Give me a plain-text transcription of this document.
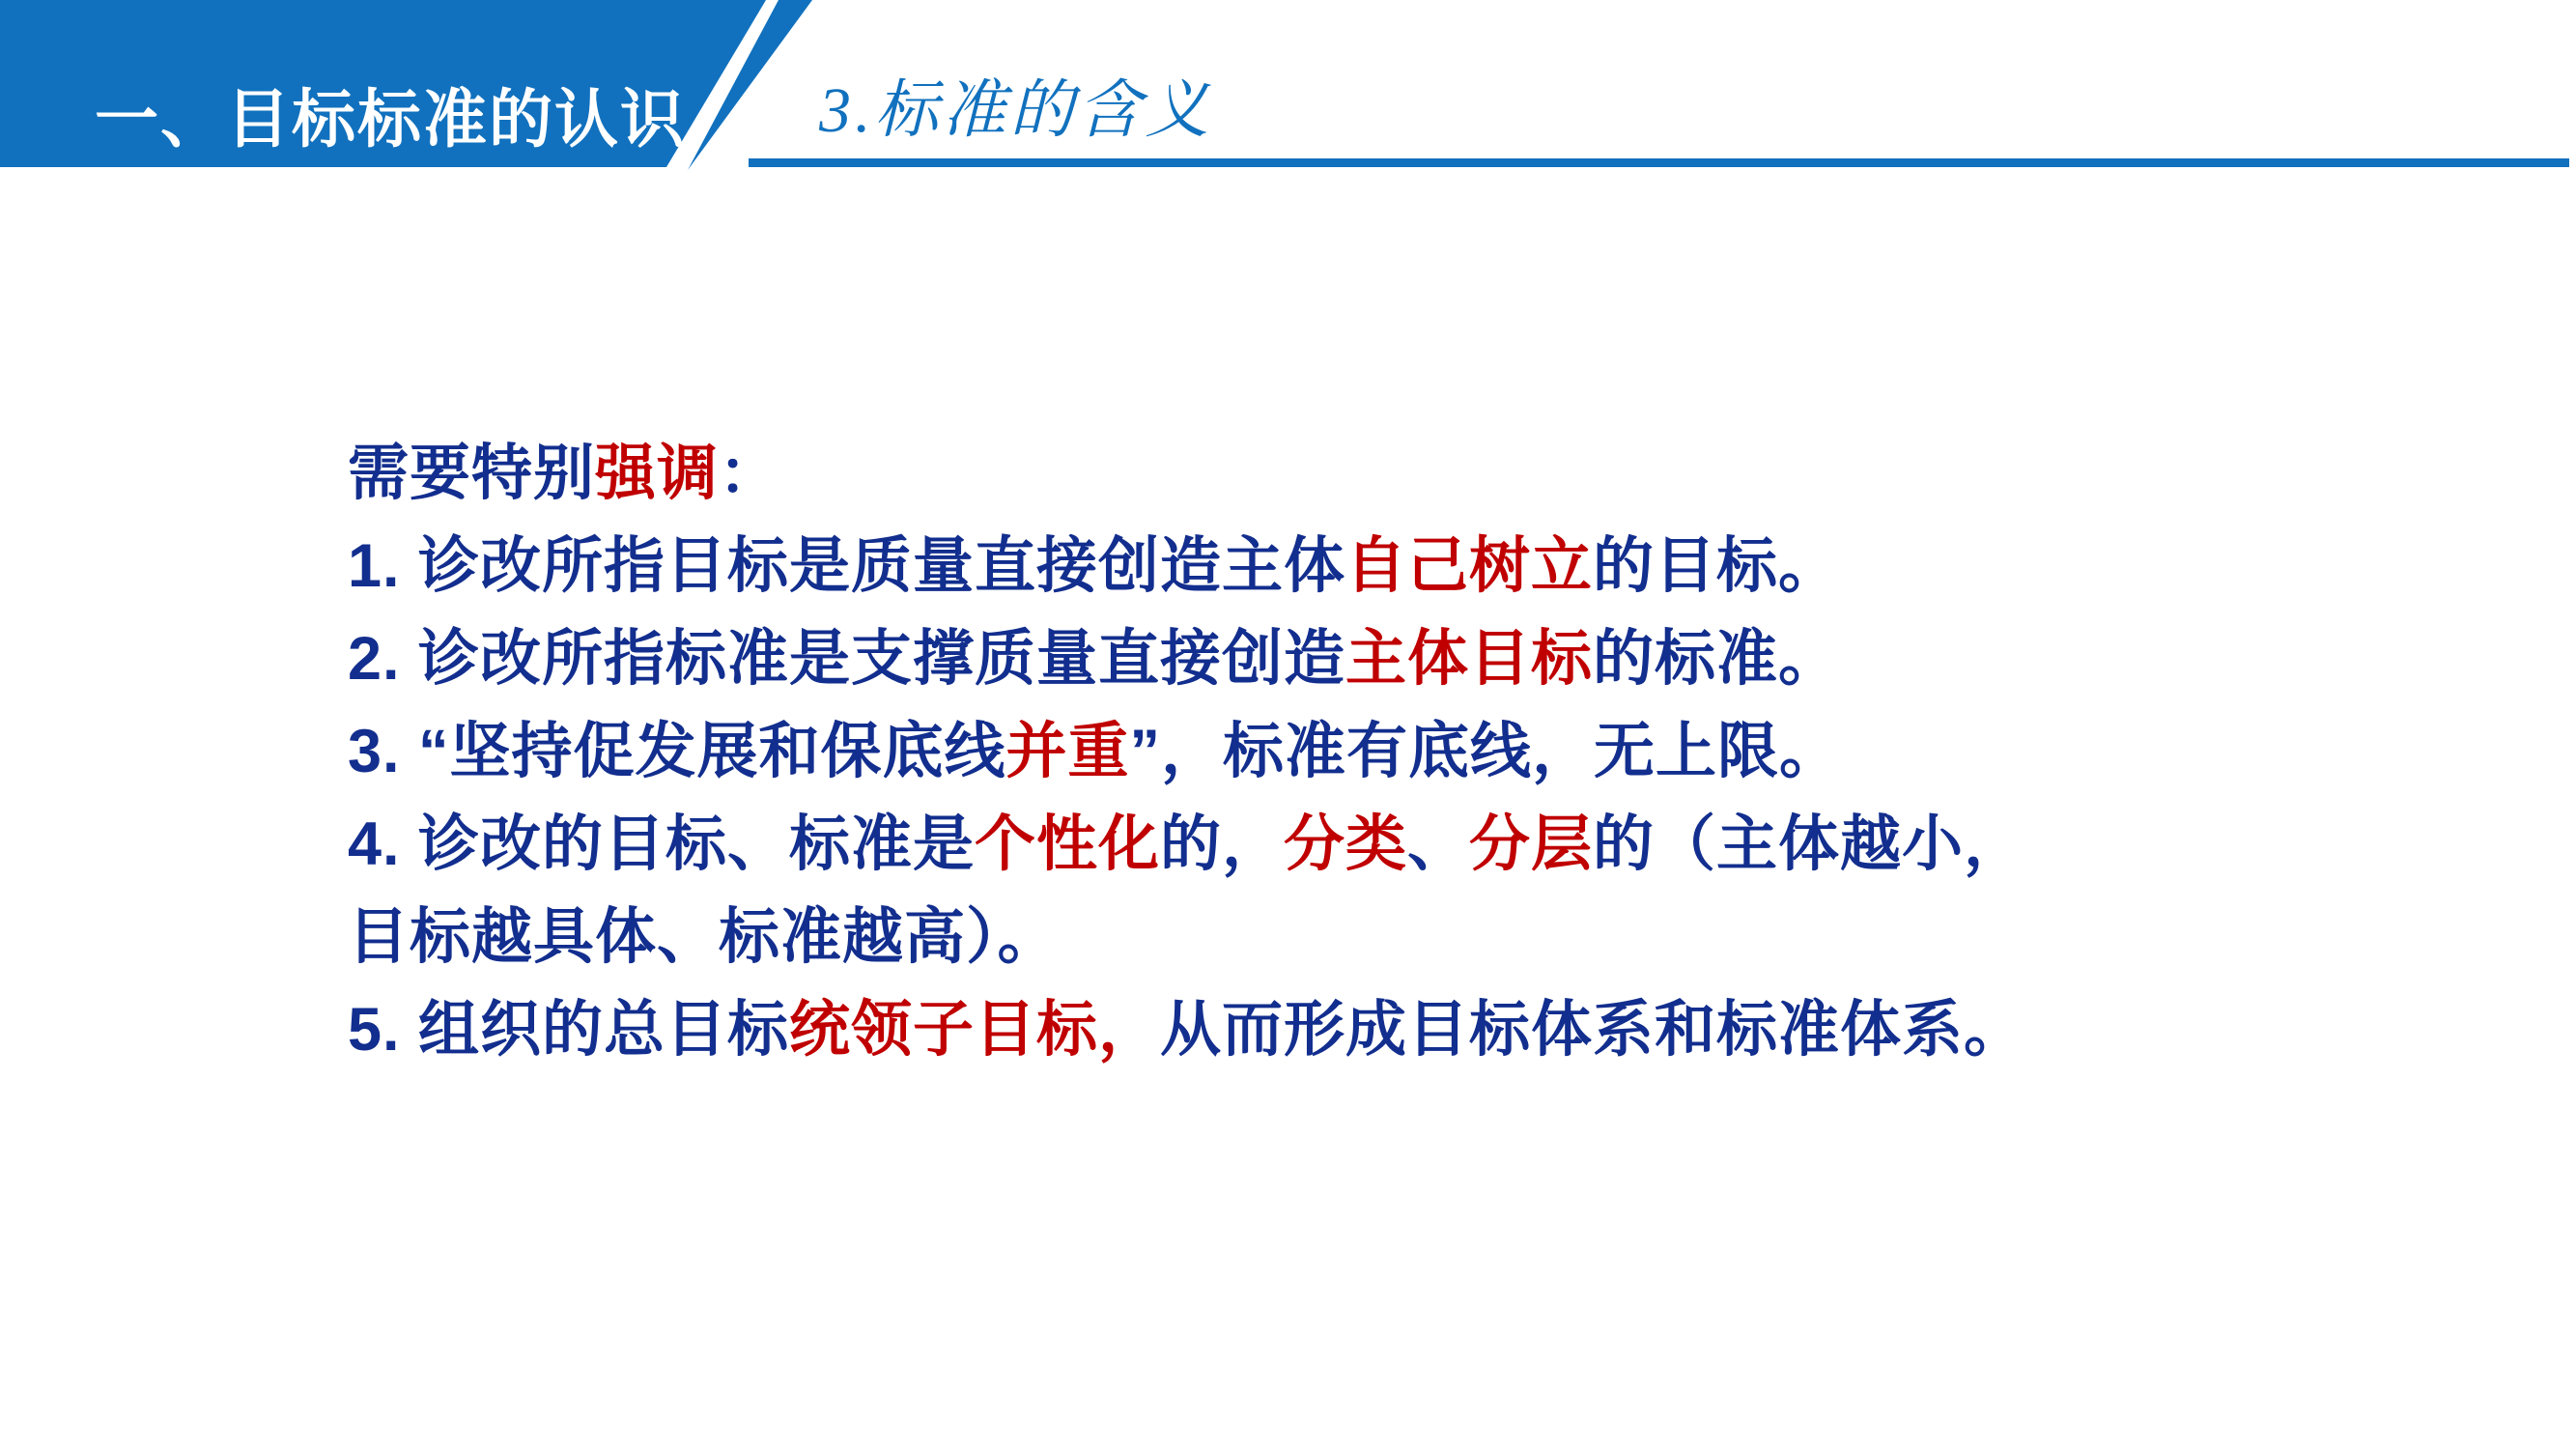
一、目标标准的认识 3.标准的含义

需要特别强调：

1. 诊改所指目标是质量直接创造主体自己树立的目标。

2. 诊改所指标准是支撑质量直接创造主体目标的标准。

3. “坚持促发展和保底线并重”，标准有底线，无上限。

4. 诊改的目标、标准是个性化的，分类、分层的（主体越小，

目标越具体、标准越高）。

5. 组织的总目标统领子目标，从而形成目标体系和标准体系。
